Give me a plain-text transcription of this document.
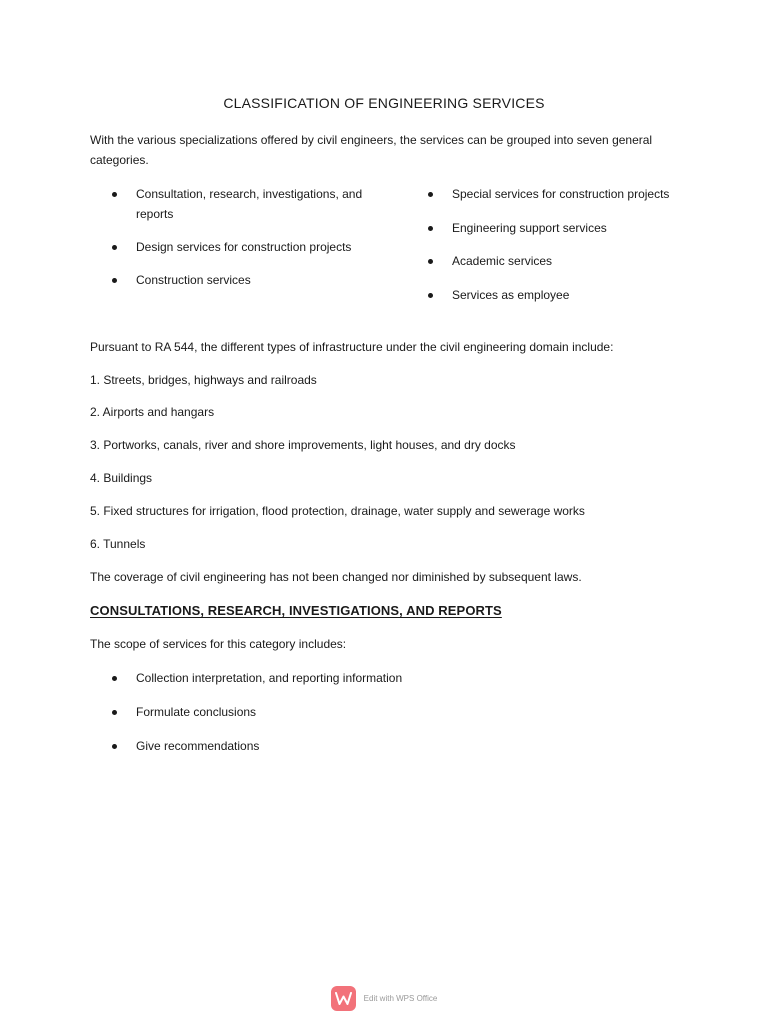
CLASSIFICATION OF ENGINEERING SERVICES
With the various specializations offered by civil engineers, the services can be grouped into seven general categories.
Consultation, research, investigations, and reports
Design services for construction projects
Construction services
Special services for construction projects
Engineering support services
Academic services
Services as employee
Pursuant to RA 544, the different types of infrastructure under the civil engineering domain include:
1. Streets, bridges, highways and railroads
2. Airports and hangars
3. Portworks, canals, river and shore improvements, light houses, and dry docks
4. Buildings
5. Fixed structures for irrigation, flood protection, drainage, water supply and sewerage works
6. Tunnels
The coverage of civil engineering has not been changed nor diminished by subsequent laws.
CONSULTATIONS, RESEARCH, INVESTIGATIONS, AND REPORTS
The scope of services for this category includes:
Collection interpretation, and reporting information
Formulate conclusions
Give recommendations
Edit with WPS Office
